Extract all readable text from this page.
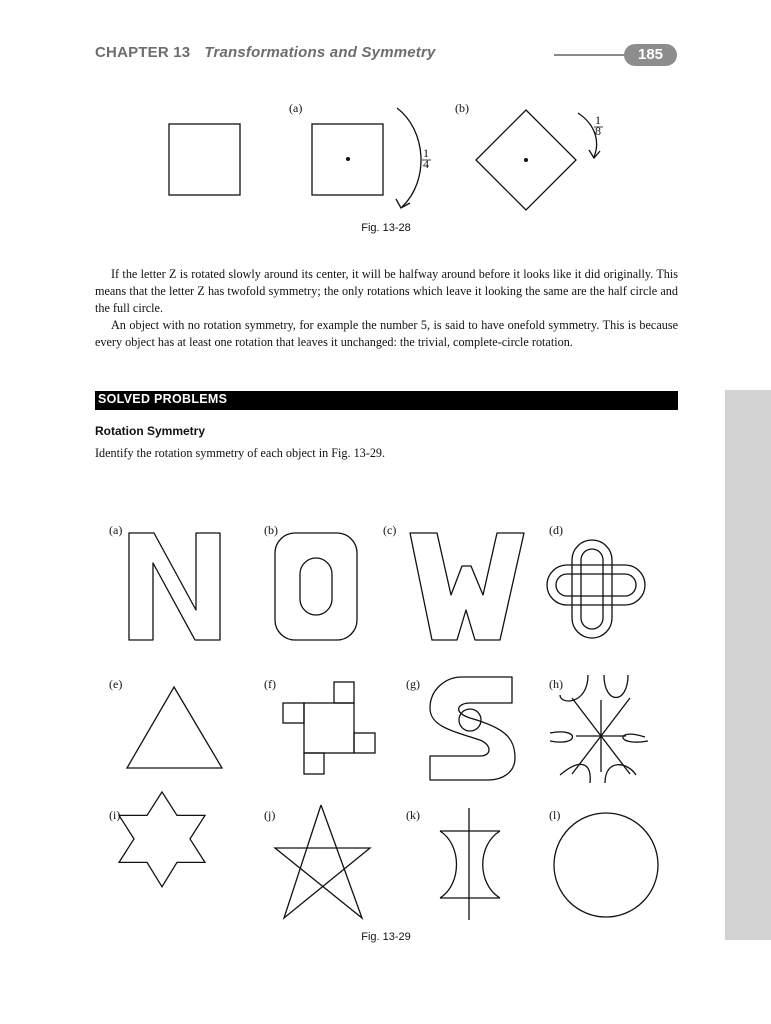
CHAPTER 13 Transformations and Symmetry	185
(a)	(b)
1
4
1
8
Fig. 13-28

If the letter Z is rotated slowly around its center, it will be halfway around before it looks like it did originally. This means that the letter Z has twofold symmetry; the only rotations which leave it looking the same are the half circle and the full circle.

An object with no rotation symmetry, for example the number 5, is said to have onefold symmetry. This is because every object has at least one rotation that leaves it unchanged: the trivial, complete-circle rotation.

SOLVED PROBLEMS
Rotation Symmetry
Identify the rotation symmetry of each object in Fig. 13-29.
(a)	(b)	(c)	(d)
(e)	(f)	(g)	(h)
(i)	(j)	(k)	(l)
Fig. 13-29
